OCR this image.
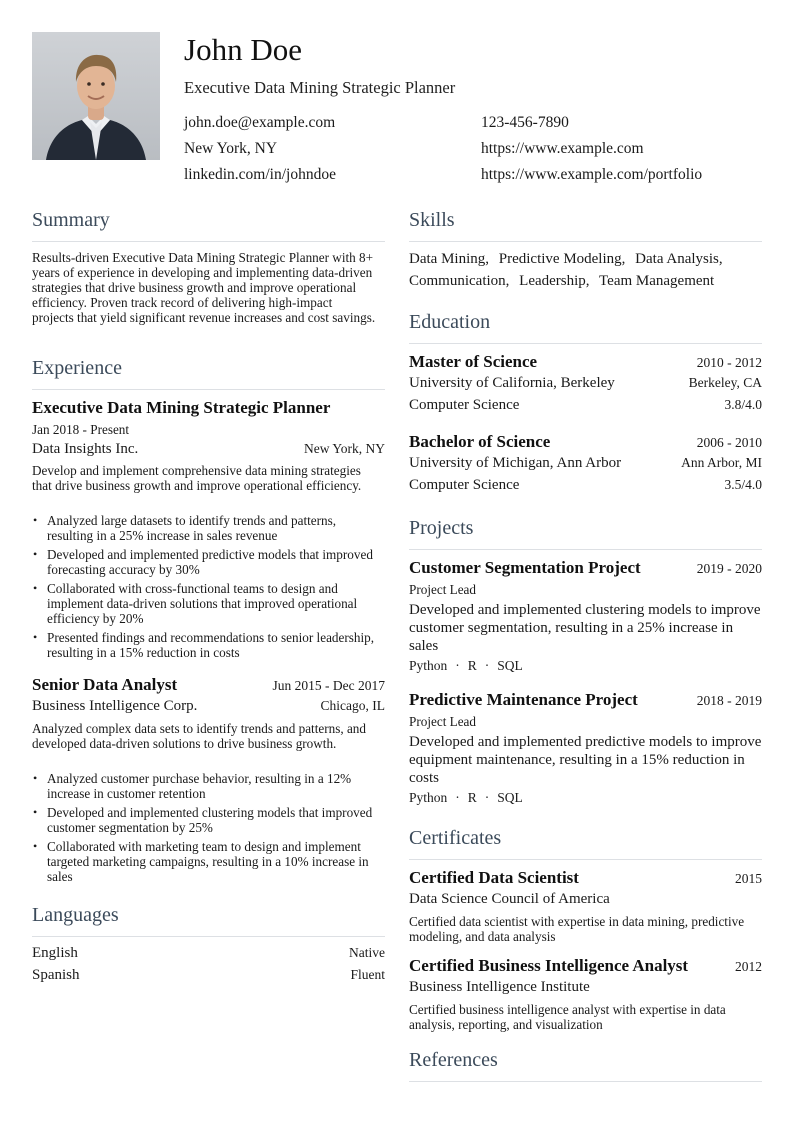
John Doe
Executive Data Mining Strategic Planner
john.doe@example.com	123-456-7890
New York, NY	https://www.example.com
linkedin.com/in/johndoe	https://www.example.com/portfolio
Summary
Results-driven Executive Data Mining Strategic Planner with 8+ years of experience in developing and implementing data-driven strategies that drive business growth and improve operational efficiency. Proven track record of delivering high-impact projects that yield significant revenue increases and cost savings.
Experience
Executive Data Mining Strategic Planner
Jan 2018 - Present
Data Insights Inc.	New York, NY
Develop and implement comprehensive data mining strategies that drive business growth and improve operational efficiency.
• Analyzed large datasets to identify trends and patterns, resulting in a 25% increase in sales revenue
• Developed and implemented predictive models that improved forecasting accuracy by 30%
• Collaborated with cross-functional teams to design and implement data-driven solutions that improved operational efficiency by 20%
• Presented findings and recommendations to senior leadership, resulting in a 15% reduction in costs
Senior Data Analyst	Jun 2015 - Dec 2017
Business Intelligence Corp.	Chicago, IL
Analyzed complex data sets to identify trends and patterns, and developed data-driven solutions to drive business growth.
• Analyzed customer purchase behavior, resulting in a 12% increase in customer retention
• Developed and implemented clustering models that improved customer segmentation by 25%
• Collaborated with marketing team to design and implement targeted marketing campaigns, resulting in a 10% increase in sales
Languages
English	Native
Spanish	Fluent
Skills
Data Mining, Predictive Modeling, Data Analysis, Communication, Leadership, Team Management
Education
Master of Science	2010 - 2012
University of California, Berkeley	Berkeley, CA
Computer Science	3.8/4.0
Bachelor of Science	2006 - 2010
University of Michigan, Ann Arbor	Ann Arbor, MI
Computer Science	3.5/4.0
Projects
Customer Segmentation Project	2019 - 2020
Project Lead
Developed and implemented clustering models to improve customer segmentation, resulting in a 25% increase in sales
Python · R · SQL
Predictive Maintenance Project	2018 - 2019
Project Lead
Developed and implemented predictive models to improve equipment maintenance, resulting in a 15% reduction in costs
Python · R · SQL
Certificates
Certified Data Scientist	2015
Data Science Council of America
Certified data scientist with expertise in data mining, predictive modeling, and data analysis
Certified Business Intelligence Analyst	2012
Business Intelligence Institute
Certified business intelligence analyst with expertise in data analysis, reporting, and visualization
References
